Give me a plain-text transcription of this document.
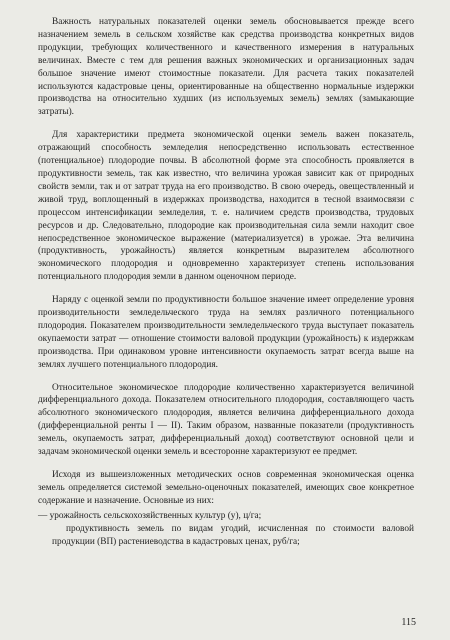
Важность натуральных показателей оценки земель обосновывается прежде всего назначением земель в сельском хозяйстве как средства производства конкретных видов продукции, требующих количественного и качественного измерения в натуральных величинах. Вместе с тем для решения важных экономических и организационных задач большое значение имеют стоимостные показатели. Для расчета таких показателей используются кадастровые цены, ориентированные на общественно нормальные издержки производства на относительно худших (из используемых земель) землях (замыкающие затраты).

Для характеристики предмета экономической оценки земель важен показатель, отражающий способность земледелия непосредственно использовать естественное (потенциальное) плодородие почвы. В абсолютной форме эта способность проявляется в продуктивности земель, так как известно, что величина урожая зависит как от природных свойств земли, так и от затрат труда на его производство. В свою очередь, овеществленный и живой труд, воплощенный в издержках производства, находится в тесной взаимосвязи с процессом интенсификации земледелия, т. е. наличием средств производства, трудовых ресурсов и др. Следовательно, плодородие как производительная сила земли находит свое непосредственное экономическое выражение (материализуется) в урожае. Эта величина (продуктивность, урожайность) является конкретным выразителем абсолютного экономического плодородия и одновременно характеризует степень использования потенциального плодородия земли в данном оценочном периоде.

Наряду с оценкой земли по продуктивности большое значение имеет определение уровня производительности земледельческого труда на землях различного потенциального плодородия. Показателем производительности земледельческого труда выступает показатель окупаемости затрат — отношение стоимости валовой продукции (урожайность) к издержкам производства. При одинаковом уровне интенсивности окупаемость затрат всегда выше на землях лучшего потенциального плодородия.

Относительное экономическое плодородие количественно характеризуется величиной дифференциального дохода. Показателем относительного плодородия, составляющего часть абсолютного экономического плодородия, является величина дифференциального дохода (дифференциальной ренты I — II). Таким образом, названные показатели (продуктивность земель, окупаемость затрат, дифференциальный доход) соответствуют основной цели и задачам экономической оценки земель и всесторонне характеризуют ее предмет.

Исходя из вышеизложенных методических основ современная экономическая оценка земель определяется системой земельно-оценочных показателей, имеющих свое конкретное содержание и назначение. Основные из них:

— урожайность сельскохозяйственных культур (у), ц/га;

продуктивность земель по видам угодий, исчисленная по стоимости валовой продукции (ВП) растениеводства в кадастровых ценах, руб/га;

115
